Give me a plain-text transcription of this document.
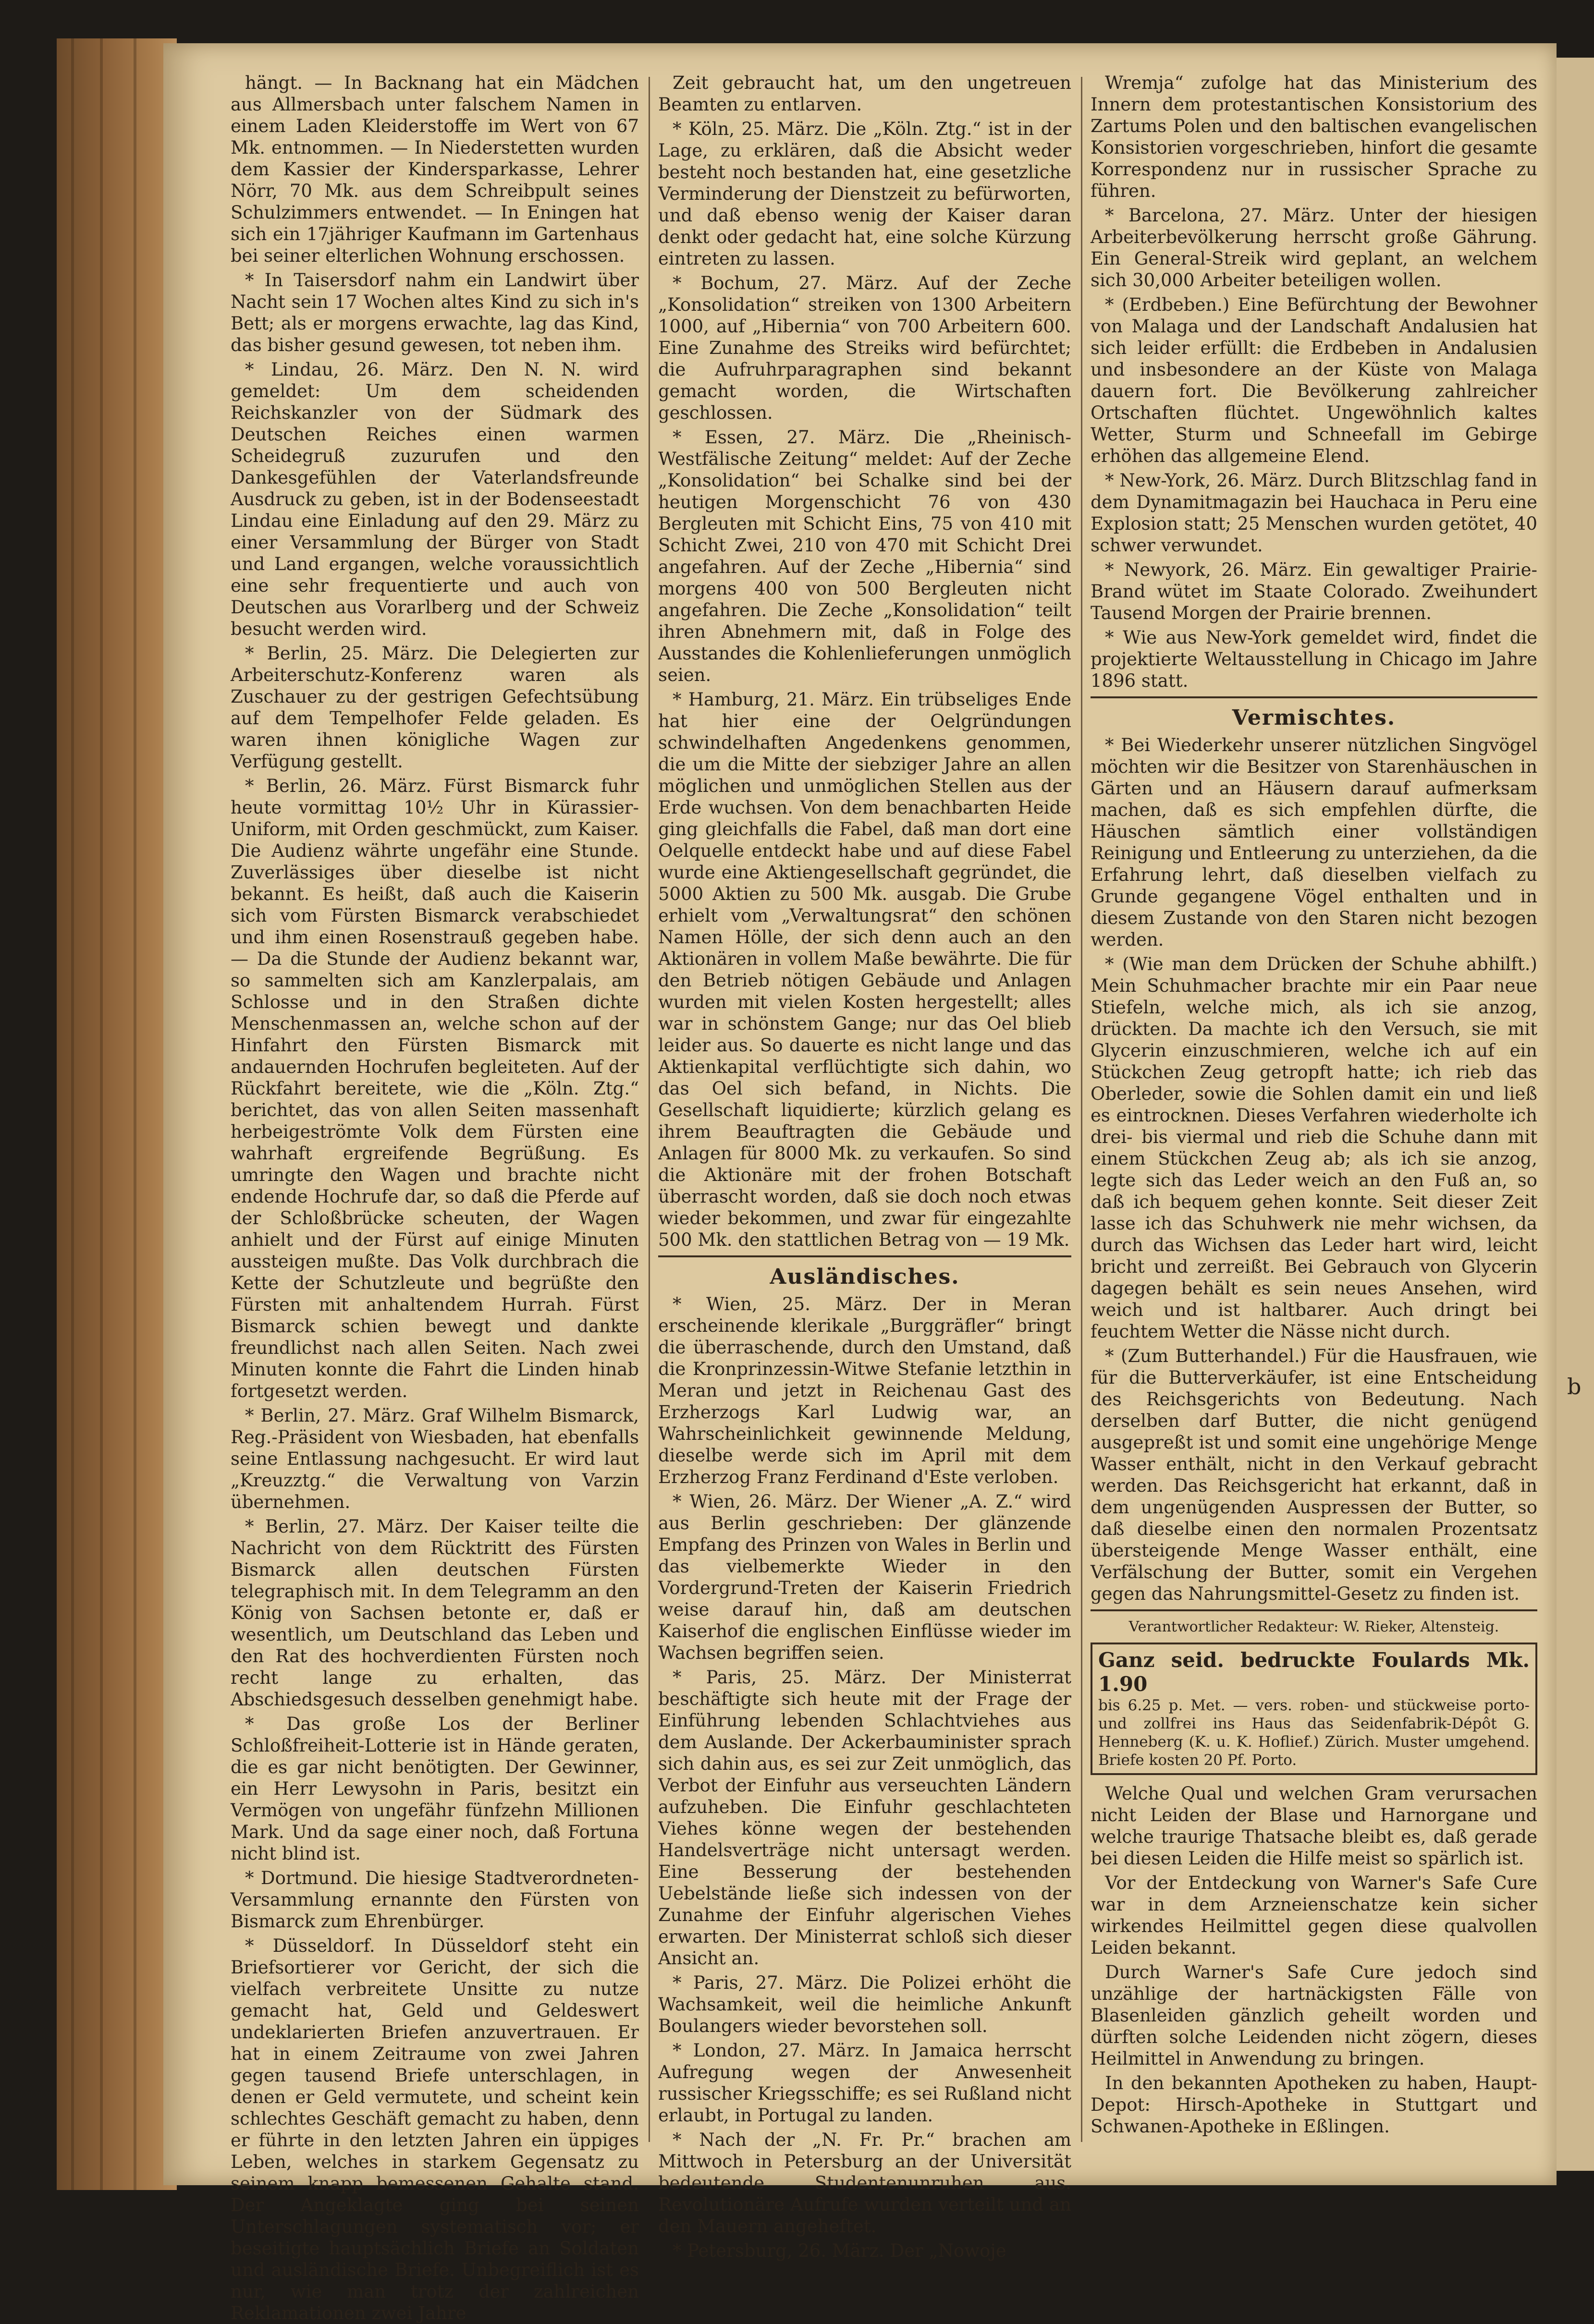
hängt. — In Backnang hat ein Mädchen aus Allmersbach unter falschem Namen in einem Laden Kleiderstoffe im Wert von 67 Mk. entnommen. — In Niederstetten wurden dem Kassier der Kindersparkasse, Lehrer Nörr, 70 Mk. aus dem Schreibpult seines Schulzimmers entwendet. — In Eningen hat sich ein 17jähriger Kaufmann im Gartenhaus bei seiner elterlichen Wohnung erschossen.

* In Taisersdorf nahm ein Landwirt über Nacht sein 17 Wochen altes Kind zu sich in's Bett; als er morgens erwachte, lag das Kind, das bisher gesund gewesen, tot neben ihm.

* Lindau, 26. März. Den N. N. wird gemeldet: Um dem scheidenden Reichskanzler von der Südmark des Deutschen Reiches einen warmen Scheidegruß zuzurufen und den Dankesgefühlen der Vaterlandsfreunde Ausdruck zu geben, ist in der Bodenseestadt Lindau eine Einladung auf den 29. März zu einer Versammlung der Bürger von Stadt und Land ergangen, welche voraussichtlich eine sehr frequentierte und auch von Deutschen aus Vorarlberg und der Schweiz besucht werden wird.

* Berlin, 25. März. Die Delegierten zur Arbeiterschutz-Konferenz waren als Zuschauer zu der gestrigen Gefechtsübung auf dem Tempelhofer Felde geladen. Es waren ihnen königliche Wagen zur Verfügung gestellt.

* Berlin, 26. März. Fürst Bismarck fuhr heute vormittag 10½ Uhr in Kürassier-Uniform, mit Orden geschmückt, zum Kaiser. Die Audienz währte ungefähr eine Stunde. Zuverlässiges über dieselbe ist nicht bekannt. Es heißt, daß auch die Kaiserin sich vom Fürsten Bismarck verabschiedet und ihm einen Rosenstrauß gegeben habe. — Da die Stunde der Audienz bekannt war, so sammelten sich am Kanzlerpalais, am Schlosse und in den Straßen dichte Menschenmassen an, welche schon auf der Hinfahrt den Fürsten Bismarck mit andauernden Hochrufen begleiteten. Auf der Rückfahrt bereitete, wie die „Köln. Ztg.“ berichtet, das von allen Seiten massenhaft herbeigeströmte Volk dem Fürsten eine wahrhaft ergreifende Begrüßung. Es umringte den Wagen und brachte nicht endende Hochrufe dar, so daß die Pferde auf der Schloßbrücke scheuten, der Wagen anhielt und der Fürst auf einige Minuten aussteigen mußte. Das Volk durchbrach die Kette der Schutzleute und begrüßte den Fürsten mit anhaltendem Hurrah. Fürst Bismarck schien bewegt und dankte freundlichst nach allen Seiten. Nach zwei Minuten konnte die Fahrt die Linden hinab fortgesetzt werden.

* Berlin, 27. März. Graf Wilhelm Bismarck, Reg.-Präsident von Wiesbaden, hat ebenfalls seine Entlassung nachgesucht. Er wird laut „Kreuzztg.“ die Verwaltung von Varzin übernehmen.

* Berlin, 27. März. Der Kaiser teilte die Nachricht von dem Rücktritt des Fürsten Bismarck allen deutschen Fürsten telegraphisch mit. In dem Telegramm an den König von Sachsen betonte er, daß er wesentlich, um Deutschland das Leben und den Rat des hochverdienten Fürsten noch recht lange zu erhalten, das Abschiedsgesuch desselben genehmigt habe.

* Das große Los der Berliner Schloßfreiheit-Lotterie ist in Hände geraten, die es gar nicht benötigten. Der Gewinner, ein Herr Lewysohn in Paris, besitzt ein Vermögen von ungefähr fünfzehn Millionen Mark. Und da sage einer noch, daß Fortuna nicht blind ist.

* Dortmund. Die hiesige Stadtverordneten-Versammlung ernannte den Fürsten von Bismarck zum Ehrenbürger.

* Düsseldorf. In Düsseldorf steht ein Briefsortierer vor Gericht, der sich die vielfach verbreitete Unsitte zu nutze gemacht hat, Geld und Geldeswert undeklarierten Briefen anzuvertrauen. Er hat in einem Zeitraume von zwei Jahren gegen tausend Briefe unterschlagen, in denen er Geld vermutete, und scheint kein schlechtes Geschäft gemacht zu haben, denn er führte in den letzten Jahren ein üppiges Leben, welches in starkem Gegensatz zu seinem knapp bemessenen Gehalte stand. Der Angeklagte ging bei seinen Unterschlagungen systematisch vor; er beseitigte hauptsächlich Briefe an Soldaten und ausländische Briefe. Unbegreiflich ist es nur, wie man trotz der zahlreichen Reklamationen zwei Jahre

Zeit gebraucht hat, um den ungetreuen Beamten zu entlarven.

* Köln, 25. März. Die „Köln. Ztg.“ ist in der Lage, zu erklären, daß die Absicht weder besteht noch bestanden hat, eine gesetzliche Verminderung der Dienstzeit zu befürworten, und daß ebenso wenig der Kaiser daran denkt oder gedacht hat, eine solche Kürzung eintreten zu lassen.

* Bochum, 27. März. Auf der Zeche „Konsolidation“ streiken von 1300 Arbeitern 1000, auf „Hibernia“ von 700 Arbeitern 600. Eine Zunahme des Streiks wird befürchtet; die Aufruhrparagraphen sind bekannt gemacht worden, die Wirtschaften geschlossen.

* Essen, 27. März. Die „Rheinisch-Westfälische Zeitung“ meldet: Auf der Zeche „Konsolidation“ bei Schalke sind bei der heutigen Morgenschicht 76 von 430 Bergleuten mit Schicht Eins, 75 von 410 mit Schicht Zwei, 210 von 470 mit Schicht Drei angefahren. Auf der Zeche „Hibernia“ sind morgens 400 von 500 Bergleuten nicht angefahren. Die Zeche „Konsolidation“ teilt ihren Abnehmern mit, daß in Folge des Ausstandes die Kohlenlieferungen unmöglich seien.

* Hamburg, 21. März. Ein trübseliges Ende hat hier eine der Oelgründungen schwindelhaften Angedenkens genommen, die um die Mitte der siebziger Jahre an allen möglichen und unmöglichen Stellen aus der Erde wuchsen. Von dem benachbarten Heide ging gleichfalls die Fabel, daß man dort eine Oelquelle entdeckt habe und auf diese Fabel wurde eine Aktiengesellschaft gegründet, die 5000 Aktien zu 500 Mk. ausgab. Die Grube erhielt vom „Verwaltungsrat“ den schönen Namen Hölle, der sich denn auch an den Aktionären in vollem Maße bewährte. Die für den Betrieb nötigen Gebäude und Anlagen wurden mit vielen Kosten hergestellt; alles war in schönstem Gange; nur das Oel blieb leider aus. So dauerte es nicht lange und das Aktienkapital verflüchtigte sich dahin, wo das Oel sich befand, in Nichts. Die Gesellschaft liquidierte; kürzlich gelang es ihrem Beauftragten die Gebäude und Anlagen für 8000 Mk. zu verkaufen. So sind die Aktionäre mit der frohen Botschaft überrascht worden, daß sie doch noch etwas wieder bekommen, und zwar für eingezahlte 500 Mk. den stattlichen Betrag von — 19 Mk.

Ausländisches.

* Wien, 25. März. Der in Meran erscheinende klerikale „Burggräfler“ bringt die überraschende, durch den Umstand, daß die Kronprinzessin-Witwe Stefanie letzthin in Meran und jetzt in Reichenau Gast des Erzherzogs Karl Ludwig war, an Wahrscheinlichkeit gewinnende Meldung, dieselbe werde sich im April mit dem Erzherzog Franz Ferdinand d'Este verloben.

* Wien, 26. März. Der Wiener „A. Z.“ wird aus Berlin geschrieben: Der glänzende Empfang des Prinzen von Wales in Berlin und das vielbemerkte Wieder in den Vordergrund-Treten der Kaiserin Friedrich weise darauf hin, daß am deutschen Kaiserhof die englischen Einflüsse wieder im Wachsen begriffen seien.

* Paris, 25. März. Der Ministerrat beschäftigte sich heute mit der Frage der Einführung lebenden Schlachtviehes aus dem Auslande. Der Ackerbauminister sprach sich dahin aus, es sei zur Zeit unmöglich, das Verbot der Einfuhr aus verseuchten Ländern aufzuheben. Die Einfuhr geschlachteten Viehes könne wegen der bestehenden Handelsverträge nicht untersagt werden. Eine Besserung der bestehenden Uebelstände ließe sich indessen von der Zunahme der Einfuhr algerischen Viehes erwarten. Der Ministerrat schloß sich dieser Ansicht an.

* Paris, 27. März. Die Polizei erhöht die Wachsamkeit, weil die heimliche Ankunft Boulangers wieder bevorstehen soll.

* London, 27. März. In Jamaica herrscht Aufregung wegen der Anwesenheit russischer Kriegsschiffe; es sei Rußland nicht erlaubt, in Portugal zu landen.

* Nach der „N. Fr. Pr.“ brachen am Mittwoch in Petersburg an der Universität bedeutende Studentenunruhen aus. Revolutionäre Aufrufe wurden verteilt und an den Mauern angeheftet.

* Petersburg, 26. März. Der „Nowoje

Wremja“ zufolge hat das Ministerium des Innern dem protestantischen Konsistorium des Zartums Polen und den baltischen evangelischen Konsistorien vorgeschrieben, hinfort die gesamte Korrespondenz nur in russischer Sprache zu führen.

* Barcelona, 27. März. Unter der hiesigen Arbeiterbevölkerung herrscht große Gährung. Ein General-Streik wird geplant, an welchem sich 30,000 Arbeiter beteiligen wollen.

* (Erdbeben.) Eine Befürchtung der Bewohner von Malaga und der Landschaft Andalusien hat sich leider erfüllt: die Erdbeben in Andalusien und insbesondere an der Küste von Malaga dauern fort. Die Bevölkerung zahlreicher Ortschaften flüchtet. Ungewöhnlich kaltes Wetter, Sturm und Schneefall im Gebirge erhöhen das allgemeine Elend.

* New-York, 26. März. Durch Blitzschlag fand in dem Dynamitmagazin bei Hauchaca in Peru eine Explosion statt; 25 Menschen wurden getötet, 40 schwer verwundet.

* Newyork, 26. März. Ein gewaltiger Prairie-Brand wütet im Staate Colorado. Zweihundert Tausend Morgen der Prairie brennen.

* Wie aus New-York gemeldet wird, findet die projektierte Weltausstellung in Chicago im Jahre 1896 statt.

Vermischtes.

* Bei Wiederkehr unserer nützlichen Singvögel möchten wir die Besitzer von Starenhäuschen in Gärten und an Häusern darauf aufmerksam machen, daß es sich empfehlen dürfte, die Häuschen sämtlich einer vollständigen Reinigung und Entleerung zu unterziehen, da die Erfahrung lehrt, daß dieselben vielfach zu Grunde gegangene Vögel enthalten und in diesem Zustande von den Staren nicht bezogen werden.

* (Wie man dem Drücken der Schuhe abhilft.) Mein Schuhmacher brachte mir ein Paar neue Stiefeln, welche mich, als ich sie anzog, drückten. Da machte ich den Versuch, sie mit Glycerin einzuschmieren, welche ich auf ein Stückchen Zeug getropft hatte; ich rieb das Oberleder, sowie die Sohlen damit ein und ließ es eintrocknen. Dieses Verfahren wiederholte ich drei- bis viermal und rieb die Schuhe dann mit einem Stückchen Zeug ab; als ich sie anzog, legte sich das Leder weich an den Fuß an, so daß ich bequem gehen konnte. Seit dieser Zeit lasse ich das Schuhwerk nie mehr wichsen, da durch das Wichsen das Leder hart wird, leicht bricht und zerreißt. Bei Gebrauch von Glycerin dagegen behält es sein neues Ansehen, wird weich und ist haltbarer. Auch dringt bei feuchtem Wetter die Nässe nicht durch.

* (Zum Butterhandel.) Für die Hausfrauen, wie für die Butterverkäufer, ist eine Entscheidung des Reichsgerichts von Bedeutung. Nach derselben darf Butter, die nicht genügend ausgepreßt ist und somit eine ungehörige Menge Wasser enthält, nicht in den Verkauf gebracht werden. Das Reichsgericht hat erkannt, daß in dem ungenügenden Auspressen der Butter, so daß dieselbe einen den normalen Prozentsatz übersteigende Menge Wasser enthält, eine Verfälschung der Butter, somit ein Vergehen gegen das Nahrungsmittel-Gesetz zu finden ist.

Verantwortlicher Redakteur: W. Rieker, Altensteig.
Ganz seid. bedruckte Foulards Mk. 1.90
bis 6.25 p. Met. — vers. roben- und stückweise porto- und zollfrei ins Haus das Seidenfabrik-Dépôt G. Henneberg (K. u. K. Hoflief.) Zürich. Muster umgehend. Briefe kosten 20 Pf. Porto.

Welche Qual und welchen Gram verursachen nicht Leiden der Blase und Harnorgane und welche traurige Thatsache bleibt es, daß gerade bei diesen Leiden die Hilfe meist so spärlich ist.

Vor der Entdeckung von Warner's Safe Cure war in dem Arzneienschatze kein sicher wirkendes Heilmittel gegen diese qualvollen Leiden bekannt.

Durch Warner's Safe Cure jedoch sind unzählige der hartnäckigsten Fälle von Blasenleiden gänzlich geheilt worden und dürften solche Leidenden nicht zögern, dieses Heilmittel in Anwendung zu bringen.

In den bekannten Apotheken zu haben, Haupt-Depot: Hirsch-Apotheke in Stuttgart und Schwanen-Apotheke in Eßlingen.

b
